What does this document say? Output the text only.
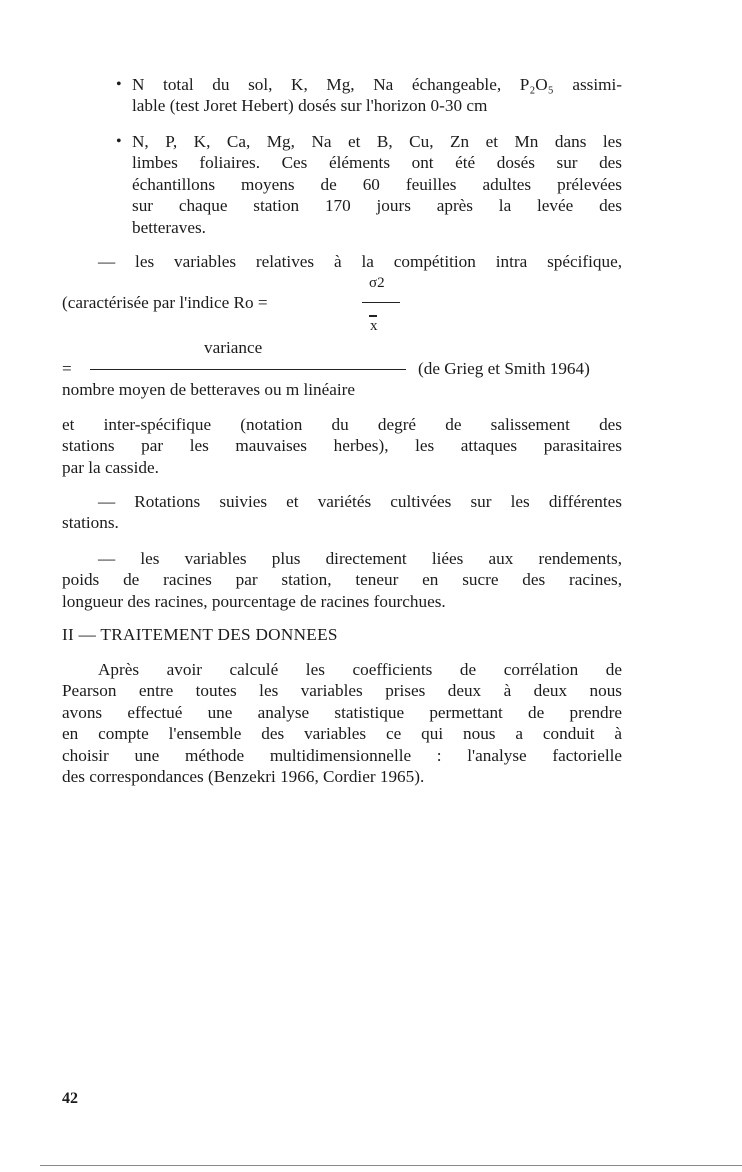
• N total du sol, K, Mg, Na échangeable, P₂O₅ assimi-
lable (test Joret Hebert) dosés sur l'horizon 0-30 cm
• N, P, K, Ca, Mg, Na et B, Cu, Zn et Mn dans les
limbes foliaires. Ces éléments ont été dosés sur des
échantillons moyens de 60 feuilles adultes prélevées
sur chaque station 170 jours après la levée des
betteraves.
— les variables relatives à la compétition intra spécifique,
σ2
(caractérisée par l'indice Ro =
x
variance
=	(de Grieg et Smith 1964)
nombre moyen de betteraves ou m linéaire
et inter-spécifique (notation du degré de salissement des
stations par les mauvaises herbes), les attaques parasitaires
par la casside.
— Rotations suivies et variétés cultivées sur les différentes
stations.
— les variables plus directement liées aux rendements,
poids de racines par station, teneur en sucre des racines,
longueur des racines, pourcentage de racines fourchues.
II — TRAITEMENT DES DONNEES
Après avoir calculé les coefficients de corrélation de
Pearson entre toutes les variables prises deux à deux nous
avons effectué une analyse statistique permettant de prendre
en compte l'ensemble des variables ce qui nous a conduit à
choisir une méthode multidimensionnelle : l'analyse factorielle
des correspondances (Benzekri 1966, Cordier 1965).
42
